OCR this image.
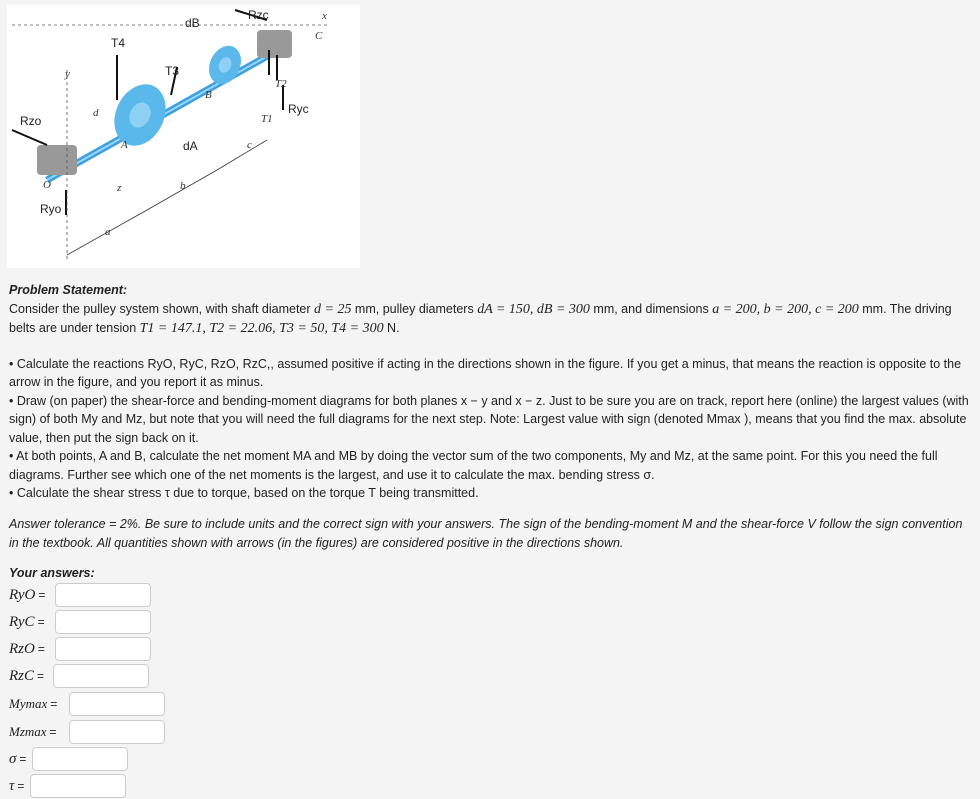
dB
Rzc	x
T4	C
T3
y
T2
B
Rzo
d	T1
Ryc
A	dA	c
O	z	b
Ryo
a

Problem Statement:

Consider the pulley system shown, with shaft diameter d = 25 mm, pulley diameters dA = 150, dB = 300 mm, and dimensions a = 200, b = 200, c = 200 mm. The driving belts are under tension T1 = 147.1, T2 = 22.06, T3 = 50, T4 = 300 N.

• Calculate the reactions RyO, RyC, RzO, RzC,, assumed positive if acting in the directions shown in the figure. If you get a minus, that means the reaction is opposite to the arrow in the figure, and you report it as minus.

• Draw (on paper) the shear-force and bending-moment diagrams for both planes x − y and x − z. Just to be sure you are on track, report here (online) the largest values (with sign) of both My and Mz, but note that you will need the full diagrams for the next step. Note: Largest value with sign (denoted Mmax ), means that you find the max. absolute value, then put the sign back on it.

• At both points, A and B, calculate the net moment MA and MB by doing the vector sum of the two components, My and Mz, at the same point. For this you need the full diagrams. Further see which one of the net moments is the largest, and use it to calculate the max. bending stress σ.

• Calculate the shear stress τ due to torque, based on the torque T being transmitted.

Answer tolerance = 2%. Be sure to include units and the correct sign with your answers. The sign of the bending-moment M and the shear-force V follow the sign convention in the textbook. All quantities shown with arrows (in the figures) are considered positive in the directions shown.
Your answers:
RyO =
RyC =
RzO =
RzC =
Mymax =
Mzmax =
σ =
τ =
